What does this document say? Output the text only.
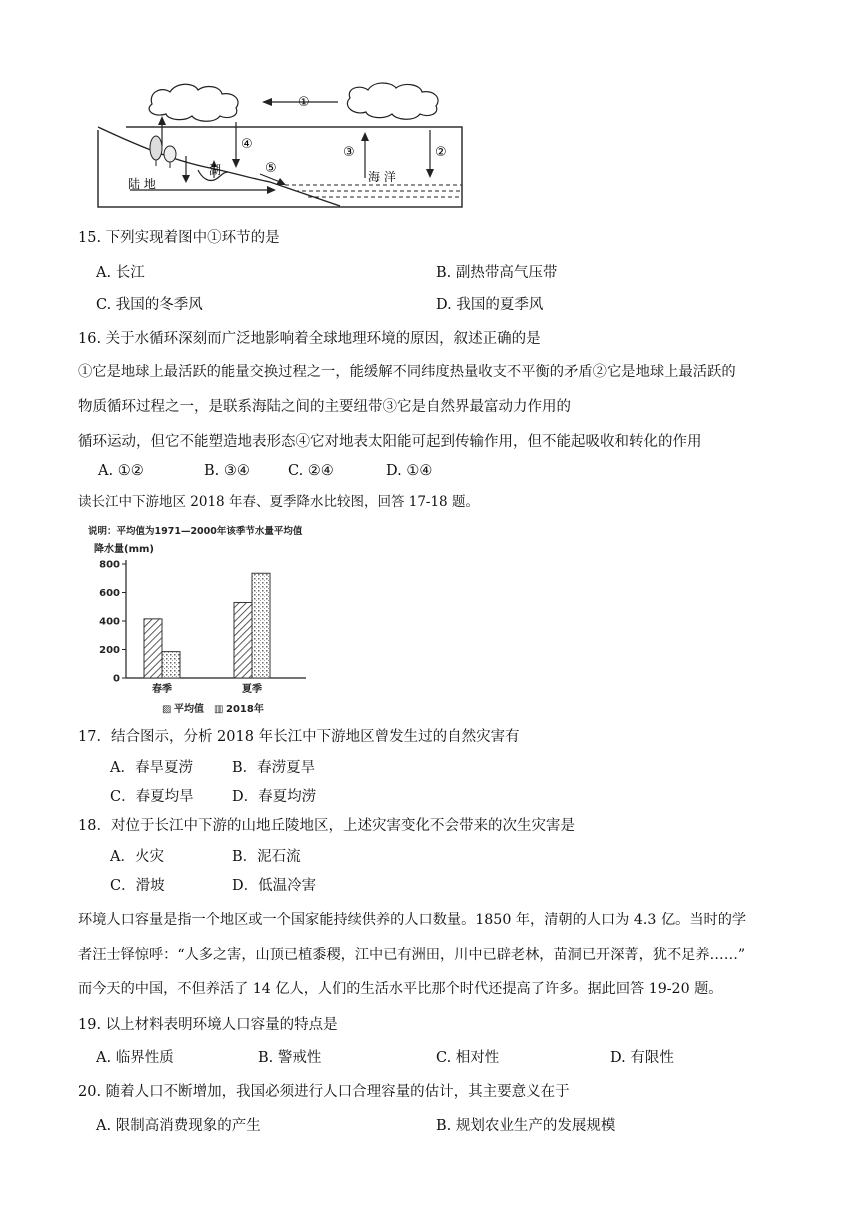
①
④
⑤
③	②
湖
陆 地	海 洋
15. 下列实现着图中①环节的是
A. 长江	B. 副热带高气压带
C. 我国的冬季风	D. 我国的夏季风
16. 关于水循环深刻而广泛地影响着全球地理环境的原因，叙述正确的是
①它是地球上最活跃的能量交换过程之一，能缓解不同纬度热量收支不平衡的矛盾②它是地球上最活跃的
物质循环过程之一，是联系海陆之间的主要纽带③它是自然界最富动力作用的
循环运动，但它不能塑造地表形态④它对地表太阳能可起到传输作用，但不能起吸收和转化的作用
A. ①②	B. ③④	C. ②④	D. ①④
读长江中下游地区 2018 年春、夏季降水比较图，回答 17-18 题。
说明：平均值为1971—2000年该季节水量平均值
降水量(mm)
0
200
400
600
800
春季	夏季
▨ 平均值 ▥ 2018年
17．结合图示，分析 2018 年长江中下游地区曾发生过的自然灾害有
A．春旱夏涝	B．春涝夏旱
C．春夏均旱	D．春夏均涝
18．对位于长江中下游的山地丘陵地区，上述灾害变化不会带来的次生灾害是
A．火灾	B．泥石流
C．滑坡	D．低温冷害
环境人口容量是指一个地区或一个国家能持续供养的人口数量。1850 年，清朝的人口为 4.3 亿。当时的学
者汪士铎惊呼：“人多之害，山顶已植黍稷，江中已有洲田，川中已辟老林，苗洞已开深菁，犹不足养……”
而今天的中国，不但养活了 14 亿人，人们的生活水平比那个时代还提高了许多。据此回答 19-20 题。
19. 以上材料表明环境人口容量的特点是
A. 临界性质	B. 警戒性	C. 相对性	D. 有限性
20. 随着人口不断增加，我国必须进行人口合理容量的估计，其主要意义在于
A. 限制高消费现象的产生	B. 规划农业生产的发展规模
